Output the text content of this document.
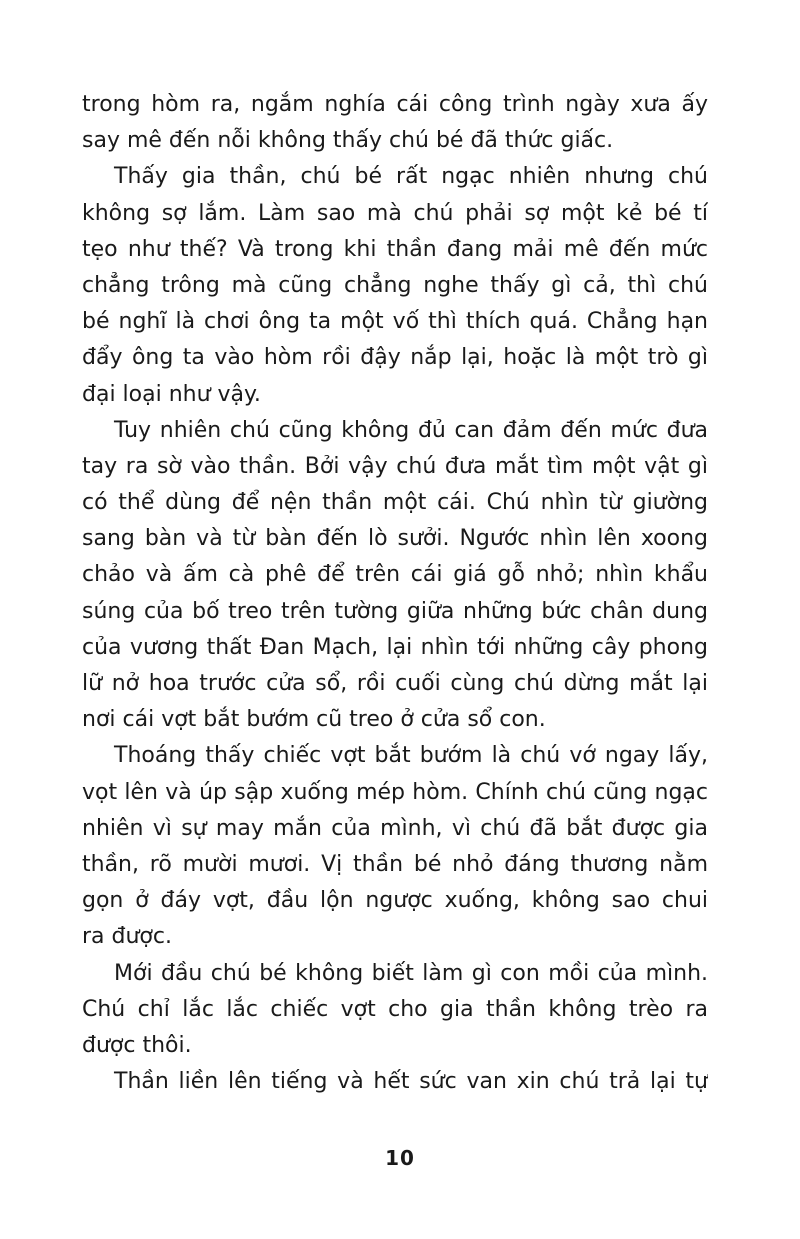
trong hòm ra, ngắm nghía cái công trình ngày xưa ấy
say mê đến nỗi không thấy chú bé đã thức giấc.
Thấy gia thần, chú bé rất ngạc nhiên nhưng chú
không sợ lắm. Làm sao mà chú phải sợ một kẻ bé tí
tẹo như thế? Và trong khi thần đang mải mê đến mức
chẳng trông mà cũng chẳng nghe thấy gì cả, thì chú
bé nghĩ là chơi ông ta một vố thì thích quá. Chẳng hạn
đẩy ông ta vào hòm rồi đậy nắp lại, hoặc là một trò gì
đại loại như vậy.
Tuy nhiên chú cũng không đủ can đảm đến mức đưa
tay ra sờ vào thần. Bởi vậy chú đưa mắt tìm một vật gì
có thể dùng để nện thần một cái. Chú nhìn từ giường
sang bàn và từ bàn đến lò sưởi. Ngước nhìn lên xoong
chảo và ấm cà phê để trên cái giá gỗ nhỏ; nhìn khẩu
súng của bố treo trên tường giữa những bức chân dung
của vương thất Đan Mạch, lại nhìn tới những cây phong
lữ nở hoa trước cửa sổ, rồi cuối cùng chú dừng mắt lại
nơi cái vợt bắt bướm cũ treo ở cửa sổ con.
Thoáng thấy chiếc vợt bắt bướm là chú vớ ngay lấy,
vọt lên và úp sập xuống mép hòm. Chính chú cũng ngạc
nhiên vì sự may mắn của mình, vì chú đã bắt được gia
thần, rõ mười mươi. Vị thần bé nhỏ đáng thương nằm
gọn ở đáy vợt, đầu lộn ngược xuống, không sao chui
ra được.
Mới đầu chú bé không biết làm gì con mồi của mình.
Chú chỉ lắc lắc chiếc vợt cho gia thần không trèo ra
được thôi.
Thần liền lên tiếng và hết sức van xin chú trả lại tự
10
